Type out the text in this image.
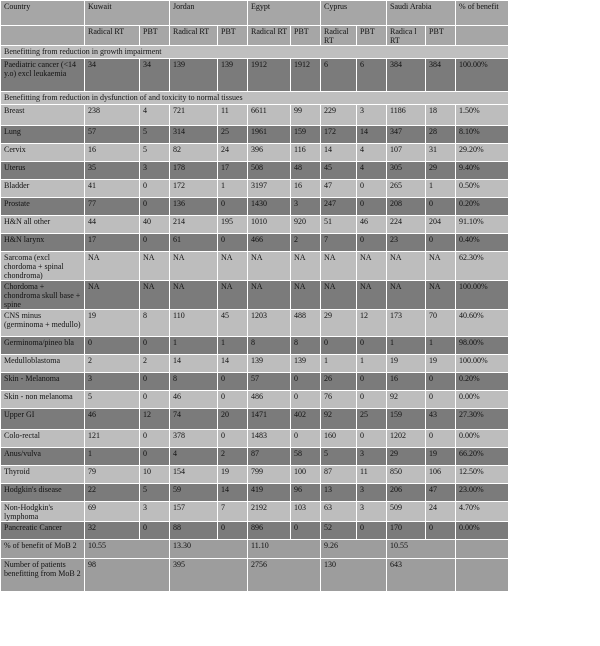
Country	Kuwait		Jordan		Egypt		Cyprus		Saudi Arabia		% of benefit
	Radical RT	PBT	Radical RT	PBT	Radical RT	PBT	Radical RT	PBT	Radica l RT	PBT	
Benefitting from reduction in growth impairment											
Paediatric cancer (<14 y.o) excl leukaemia	34	34	139	139	1912	1912	6	6	384	384	100.00%
Benefitting from reduction in dysfunction of and toxicity to normal tissues											
Breast	238	4	721	11	6611	99	229	3	1186	18	1.50%
Lung	57	5	314	25	1961	159	172	14	347	28	8.10%
Cervix	16	5	82	24	396	116	14	4	107	31	29.20%
Uterus	35	3	178	17	508	48	45	4	305	29	9.40%
Bladder	41	0	172	1	3197	16	47	0	265	1	0.50%
Prostate	77	0	136	0	1430	3	247	0	208	0	0.20%
H&N all other	44	40	214	195	1010	920	51	46	224	204	91.10%
H&N larynx	17	0	61	0	466	2	7	0	23	0	0.40%
Sarcoma (excl chordoma + spinal chondroma)	NA	NA	NA	NA	NA	NA	NA	NA	NA	NA	62.30%
Chordoma + chondroma skull base + spine	NA	NA	NA	NA	NA	NA	NA	NA	NA	NA	100.00%
CNS minus (germinoma + medullo)	19	8	110	45	1203	488	29	12	173	70	40.60%
Germinoma/pineo bla	0	0	1	1	8	8	0	0	1	1	98.00%
Medulloblastoma	2	2	14	14	139	139	1	1	19	19	100.00%
Skin - Melanoma	3	0	8	0	57	0	26	0	16	0	0.20%
Skin - non melanoma	5	0	46	0	486	0	76	0	92	0	0.00%
Upper GI	46	12	74	20	1471	402	92	25	159	43	27.30%
Colo-rectal	121	0	378	0	1483	0	160	0	1202	0	0.00%
Anus/vulva	1	0	4	2	87	58	5	3	29	19	66.20%
Thyroid	79	10	154	19	799	100	87	11	850	106	12.50%
Hodgkin's disease	22	5	59	14	419	96	13	3	206	47	23.00%
Non-Hodgkin's lymphoma	69	3	157	7	2192	103	63	3	509	24	4.70%
Pancreatic Cancer	32	0	88	0	896	0	52	0	170	0	0.00%
% of benefit of MoB 2	10.55		13.30		11.10		9.26		10.55		
Number of patients benefitting from MoB 2	98		395		2756		130		643		
